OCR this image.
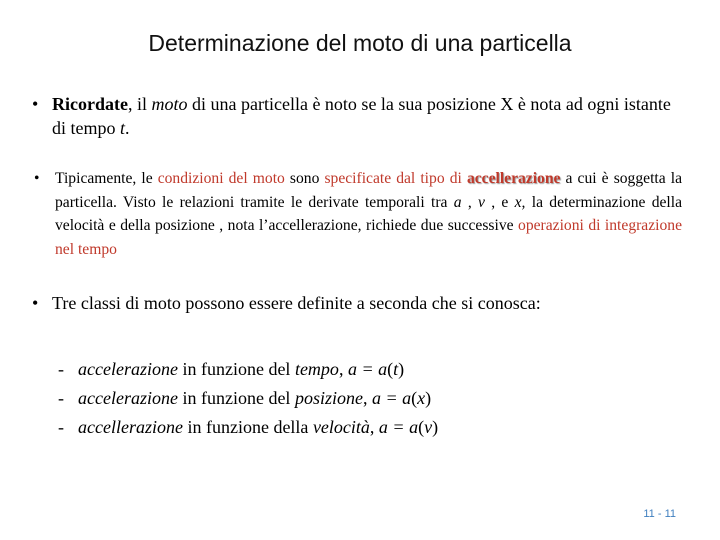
Determinazione del moto di una particella
• Ricordate, il moto di una particella è noto se la sua posizione X è nota ad ogni istante di tempo t.
• Tipicamente, le condizioni del moto sono specificate dal tipo di accellerazione a cui è soggetta la particella. Visto le relazioni tramite le derivate temporali tra a , v , e x, la determinazione della velocità e della posizione , nota l’accellerazione, richiede due successive operazioni di integrazione nel tempo
• Tre classi di moto possono essere definite a seconda che si conosca:
- accelerazione in funzione del tempo, a = a(t)
- accelerazione in funzione del posizione, a = a(x)
- accellerazione in funzione della velocità, a = a(v)
11 - 11
